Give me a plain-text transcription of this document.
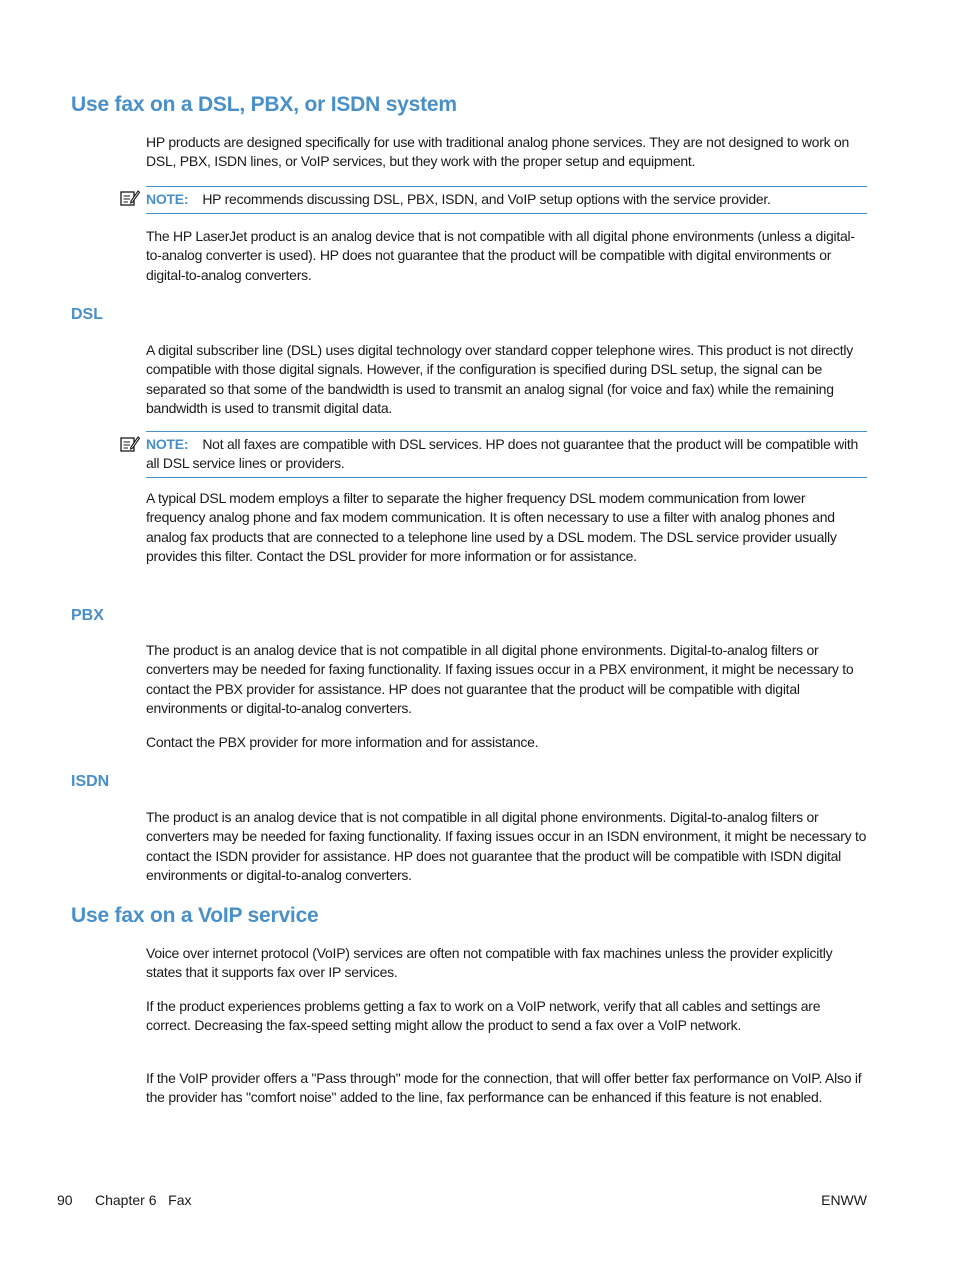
Use fax on a DSL, PBX, or ISDN system

HP products are designed specifically for use with traditional analog phone services. They are not designed to work on DSL, PBX, ISDN lines, or VoIP services, but they work with the proper setup and equipment.

NOTE: HP recommends discussing DSL, PBX, ISDN, and VoIP setup options with the service provider.

The HP LaserJet product is an analog device that is not compatible with all digital phone environments (unless a digital-to-analog converter is used). HP does not guarantee that the product will be compatible with digital environments or digital-to-analog converters.

DSL

A digital subscriber line (DSL) uses digital technology over standard copper telephone wires. This product is not directly compatible with those digital signals. However, if the configuration is specified during DSL setup, the signal can be separated so that some of the bandwidth is used to transmit an analog signal (for voice and fax) while the remaining bandwidth is used to transmit digital data.

NOTE: Not all faxes are compatible with DSL services. HP does not guarantee that the product will be compatible with all DSL service lines or providers.

A typical DSL modem employs a filter to separate the higher frequency DSL modem communication from lower frequency analog phone and fax modem communication. It is often necessary to use a filter with analog phones and analog fax products that are connected to a telephone line used by a DSL modem. The DSL service provider usually provides this filter. Contact the DSL provider for more information or for assistance.

PBX

The product is an analog device that is not compatible in all digital phone environments. Digital-to-analog filters or converters may be needed for faxing functionality. If faxing issues occur in a PBX environment, it might be necessary to contact the PBX provider for assistance. HP does not guarantee that the product will be compatible with digital environments or digital-to-analog converters.

Contact the PBX provider for more information and for assistance.

ISDN

The product is an analog device that is not compatible in all digital phone environments. Digital-to-analog filters or converters may be needed for faxing functionality. If faxing issues occur in an ISDN environment, it might be necessary to contact the ISDN provider for assistance. HP does not guarantee that the product will be compatible with ISDN digital environments or digital-to-analog converters.

Use fax on a VoIP service

Voice over internet protocol (VoIP) services are often not compatible with fax machines unless the provider explicitly states that it supports fax over IP services.

If the product experiences problems getting a fax to work on a VoIP network, verify that all cables and settings are correct. Decreasing the fax-speed setting might allow the product to send a fax over a VoIP network.

If the VoIP provider offers a "Pass through" mode for the connection, that will offer better fax performance on VoIP. Also if the provider has "comfort noise" added to the line, fax performance can be enhanced if this feature is not enabled.

90 Chapter 6   Fax	ENWW
